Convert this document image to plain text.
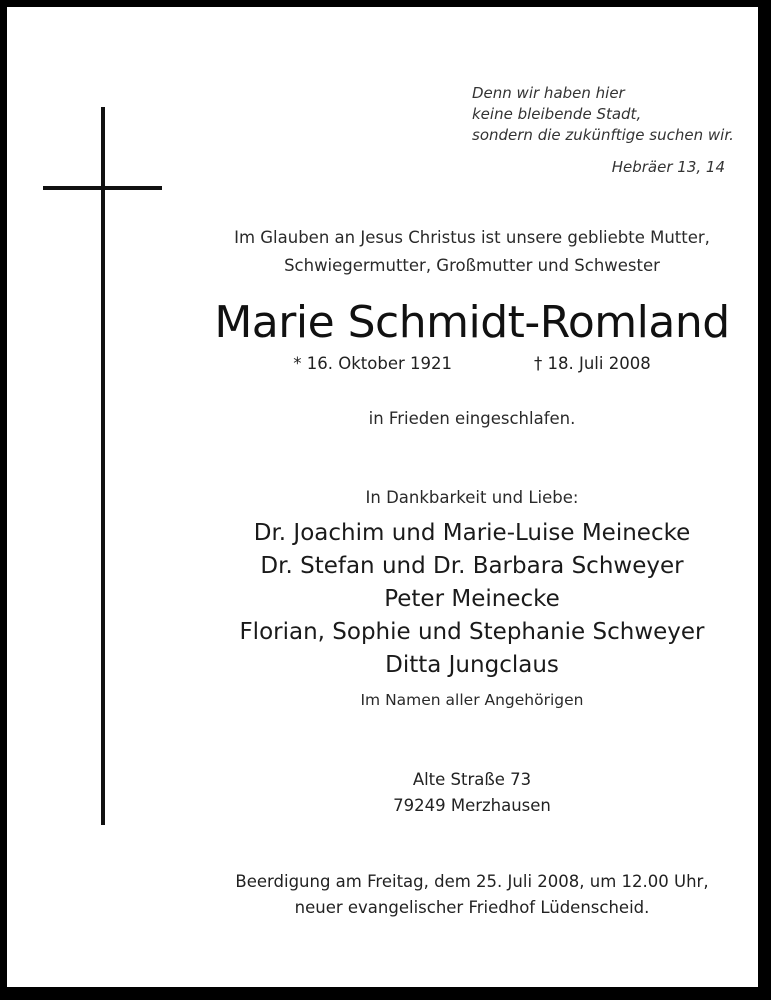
Denn wir haben hier
keine bleibende Stadt,
sondern die zukünftige suchen wir.
Hebräer 13, 14
Im Glauben an Jesus Christus ist unsere gebliebte Mutter,
Schwiegermutter, Großmutter und Schwester
Marie Schmidt-Romland
* 16. Oktober 1921	† 18. Juli 2008
in Frieden eingeschlafen.
In Dankbarkeit und Liebe:
Dr. Joachim und Marie-Luise Meinecke
Dr. Stefan und Dr. Barbara Schweyer
Peter Meinecke
Florian, Sophie und Stephanie Schweyer
Ditta Jungclaus
Im Namen aller Angehörigen
Alte Straße 73
79249 Merzhausen
Beerdigung am Freitag, dem 25. Juli 2008, um 12.00 Uhr,
neuer evangelischer Friedhof Lüdenscheid.
